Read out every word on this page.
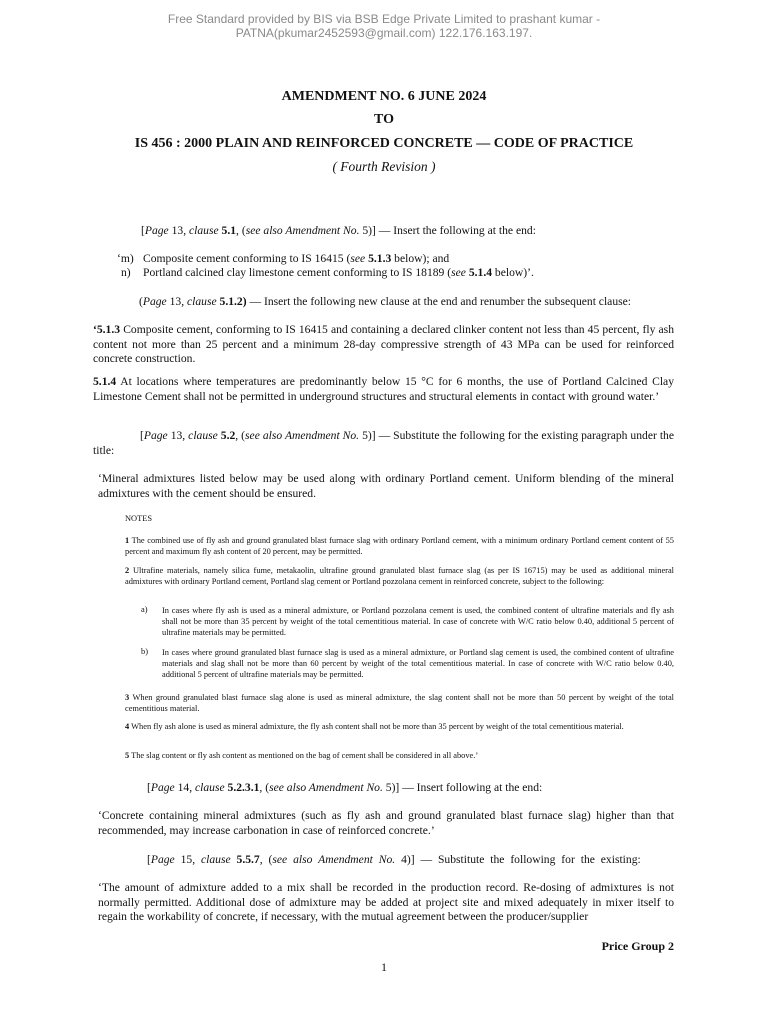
Free Standard provided by BIS via BSB Edge Private Limited to prashant kumar -
PATNA(pkumar2452593@gmail.com) 122.176.163.197.
AMENDMENT NO. 6 JUNE 2024
TO
IS 456 : 2000 PLAIN AND REINFORCED CONCRETE — CODE OF PRACTICE
( Fourth Revision )
[Page 13, clause 5.1, (see also Amendment No. 5)] — Insert the following at the end:
‘m) Composite cement conforming to IS 16415 (see 5.1.3 below); and
n) Portland calcined clay limestone cement conforming to IS 18189 (see 5.1.4 below)’.
(Page 13, clause 5.1.2) — Insert the following new clause at the end and renumber the subsequent clause:
‘5.1.3 Composite cement, conforming to IS 16415 and containing a declared clinker content not less than 45 percent, fly ash content not more than 25 percent and a minimum 28-day compressive strength of 43 MPa can be used for reinforced concrete construction.
5.1.4 At locations where temperatures are predominantly below 15 °C for 6 months, the use of Portland Calcined Clay Limestone Cement shall not be permitted in underground structures and structural elements in contact with ground water.’
[Page 13, clause 5.2, (see also Amendment No. 5)] — Substitute the following for the existing paragraph under the title:
‘Mineral admixtures listed below may be used along with ordinary Portland cement. Uniform blending of the mineral admixtures with the cement should be ensured.
NOTES
1 The combined use of fly ash and ground granulated blast furnace slag with ordinary Portland cement, with a minimum ordinary Portland cement content of 55 percent and maximum fly ash content of 20 percent, may be permitted.
2 Ultrafine materials, namely silica fume, metakaolin, ultrafine ground granulated blast furnace slag (as per IS 16715) may be used as additional mineral admixtures with ordinary Portland cement, Portland slag cement or Portland pozzolana cement in reinforced concrete, subject to the following:
a) In cases where fly ash is used as a mineral admixture, or Portland pozzolana cement is used, the combined content of ultrafine materials and fly ash shall not be more than 35 percent by weight of the total cementitious material. In case of concrete with W/C ratio below 0.40, additional 5 percent of ultrafine materials may be permitted.
b) In cases where ground granulated blast furnace slag is used as a mineral admixture, or Portland slag cement is used, the combined content of ultrafine materials and slag shall not be more than 60 percent by weight of the total cementitious material. In case of concrete with W/C ratio below 0.40, additional 5 percent of ultrafine materials may be permitted.
3 When ground granulated blast furnace slag alone is used as mineral admixture, the slag content shall not be more than 50 percent by weight of the total cementitious material.
4 When fly ash alone is used as mineral admixture, the fly ash content shall not be more than 35 percent by weight of the total cementitious material.
5 The slag content or fly ash content as mentioned on the bag of cement shall be considered in all above.’
[Page 14, clause 5.2.3.1, (see also Amendment No. 5)] — Insert following at the end:
‘Concrete containing mineral admixtures (such as fly ash and ground granulated blast furnace slag) higher than that recommended, may increase carbonation in case of reinforced concrete.’
[Page 15, clause 5.5.7, (see also Amendment No. 4)] — Substitute the following for the existing:
‘The amount of admixture added to a mix shall be recorded in the production record. Re-dosing of admixtures is not normally permitted. Additional dose of admixture may be added at project site and mixed adequately in mixer itself to regain the workability of concrete, if necessary, with the mutual agreement between the producer/supplier
Price Group 2
1
